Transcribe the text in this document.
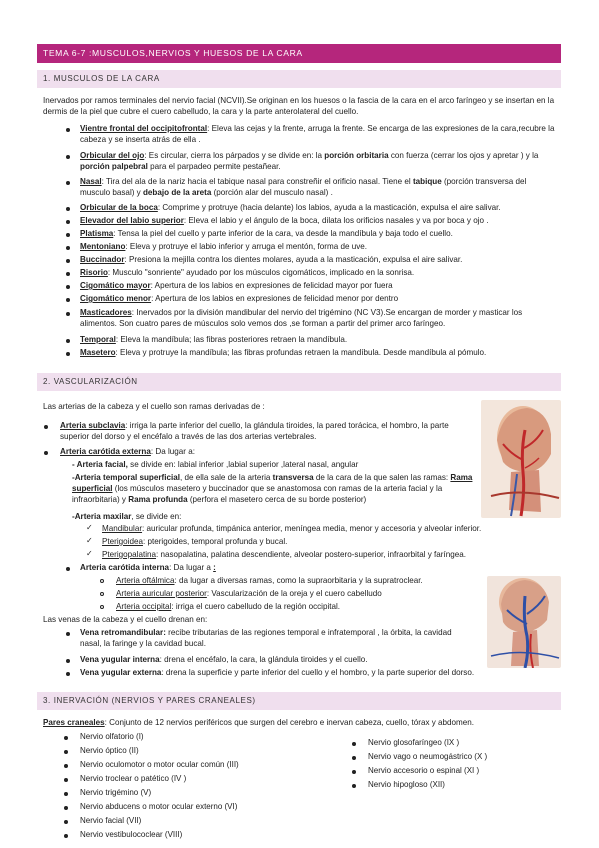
TEMA 6-7 :MUSCULOS,NERVIOS Y HUESOS DE LA CARA
1. MUSCULOS DE LA CARA
Inervados por ramos terminales del nervio facial (NCVII).Se originan en los huesos o la fascia de la cara en el arco faríngeo y se insertan en la dermis de la piel que cubre el cuero cabelludo, la cara y la parte anterolateral del cuello.
Vientre frontal del occipitofrontal: Eleva las cejas y la frente, arruga la frente. Se encarga de las expresiones de la cara,recubre la cabeza y se inserta atrás de ella .
Orbicular del ojo: Es circular, cierra los párpados y se divide en: la porción orbitaria con fuerza (cerrar los ojos y apretar ) y la porción palpebral para el parpadeo permite pestañear.
Nasal: Tira del ala de la nariz hacia el tabique nasal para constreñir el orificio nasal. Tiene el tabique (porción transversa del musculo basal) y debajo de la areta (porción alar del musculo nasal) .
Orbicular de la boca: Comprime y protruye (hacia delante) los labios, ayuda a la masticación, expulsa el aire salivar.
Elevador del labio superior: Eleva el labio y el ángulo de la boca, dilata los orificios nasales y va por boca y ojo .
Platisma: Tensa la piel del cuello y parte inferior de la cara, va desde la mandíbula y baja todo el cuello.
Mentoniano: Eleva y protruye el labio inferior y arruga el mentón, forma de uve.
Buccinador: Presiona la mejilla contra los dientes molares, ayuda a la masticación, expulsa el aire salivar.
Risorio: Musculo "sonriente" ayudado por los músculos cigomáticos, implicado en la sonrisa.
Cigomático mayor: Apertura de los labios en expresiones de felicidad mayor por fuera
Cigomático menor: Apertura de los labios en expresiones de felicidad menor por dentro
Masticadores: Inervados por la división mandibular del nervio del trigémino (NC V3).Se encargan de morder y masticar los alimentos. Son cuatro pares de músculos solo vemos dos ,se forman a partir del primer arco faríngeo.
Temporal: Eleva la mandíbula; las fibras posteriores retraen la mandíbula.
Masetero: Eleva y protruye la mandíbula; las fibras profundas retraen la mandíbula. Desde mandíbula al pómulo.
2. VASCULARIZACIÓN
Las arterias de la cabeza y el cuello son ramas derivadas de :
Arteria subclavia: irriga la parte inferior del cuello, la glándula tiroides, la pared torácica, el hombro, la parte superior del dorso y el encéfalo a través de las dos arterias vertebrales.
Arteria carótida externa: Da lugar a:
- Arteria facial, se divide en: labial inferior ,labial superior ,lateral nasal, angular
-Arteria temporal superficial, de ella sale de la arteria transversa de la cara de la que salen las ramas: Rama superficial (los músculos masetero y buccinador que se anastomosa con ramas de la arteria facial y la infraorbitaria) y Rama profunda (perfora el masetero cerca de su borde posterior)
-Arteria maxilar, se divide en:
✓ Mandibular: auricular profunda, timpánica anterior, meníngea media, menor y accesoria y alveolar inferior.
✓ Pterigoidea: pterigoides, temporal profunda y bucal.
✓ Pterigopalatina: nasopalatina, palatina descendiente, alveolar postero-superior, infraorbital y faríngea.
Arteria carótida interna: Da lugar a :
Arteria oftálmica: da lugar a diversas ramas, como la supraorbitaria y la supratroclear.
Arteria auricular posterior: Vascularización de la oreja y el cuero cabelludo
Arteria occipital: irriga el cuero cabelludo de la región occipital.
Las venas de la cabeza y el cuello drenan en:
Vena retromandibular: recibe tributarias de las regiones temporal e infratemporal , la órbita, la cavidad nasal, la faringe y la cavidad bucal.
Vena yugular interna: drena el encéfalo, la cara, la glándula tiroides y el cuello.
Vena yugular externa: drena la superficie y parte inferior del cuello y el hombro, y la parte superior del dorso.
3. INERVACIÓN (NERVIOS Y PARES CRANEALES)
Pares craneales: Conjunto de 12 nervios periféricos que surgen del cerebro e inervan cabeza, cuello, tórax y abdomen.
Nervio olfatorio (I)
Nervio óptico (II)
Nervio oculomotor o motor ocular común (III)
Nervio troclear o patético (IV )
Nervio trigémino (V)
Nervio abducens o motor ocular externo (VI)
Nervio facial (VII)
Nervio vestibulococlear (VIII)
Nervio glosofaríngeo (IX )
Nervio vago o neumogástrico (X )
Nervio accesorio o espinal (XI )
Nervio hipogloso (XII)
